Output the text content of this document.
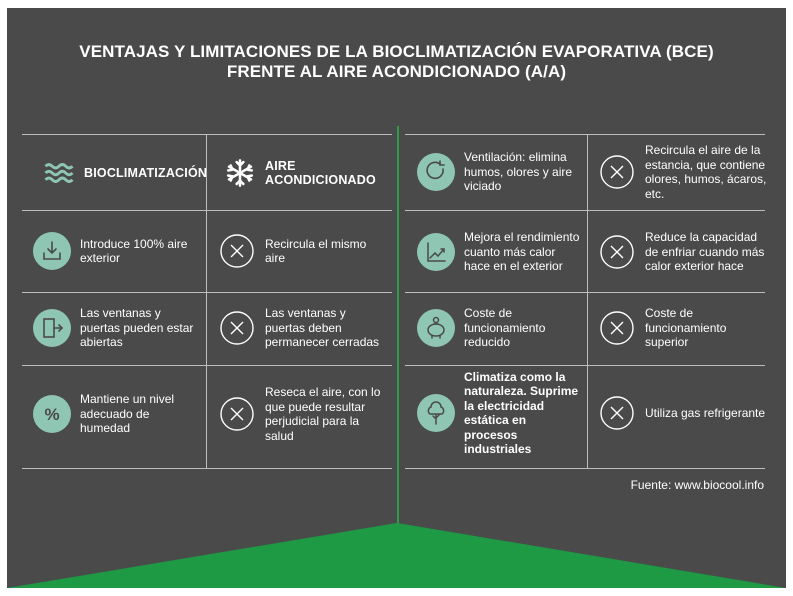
VENTAJAS Y LIMITACIONES DE LA BIOCLIMATIZACIÓN EVAPORATIVA (BCE)
FRENTE AL AIRE ACONDICIONADO (A/A)
BIOCLIMATIZACIÓN
AIRE
ACONDICIONADO
Introduce 100% aire exterior
Recircula el mismo aire
Las ventanas y puertas pueden estar abiertas
Las ventanas y puertas deben permanecer cerradas
%
Mantiene un nivel adecuado de humedad
Reseca el aire, con lo que puede resultar perjudicial para la salud
Ventilación: elimina humos, olores y aire viciado
Recircula el aire de la estancia, que contiene olores, humos, ácaros, etc.
Mejora el rendimiento cuanto más calor hace en el exterior
Reduce la capacidad de enfriar cuando más calor exterior hace
Coste de funcionamiento reducido
Coste de funcionamiento superior
Climatiza como la naturaleza. Suprime la electricidad estática en procesos industriales
Utiliza gas refrigerante
Fuente: www.biocool.info
